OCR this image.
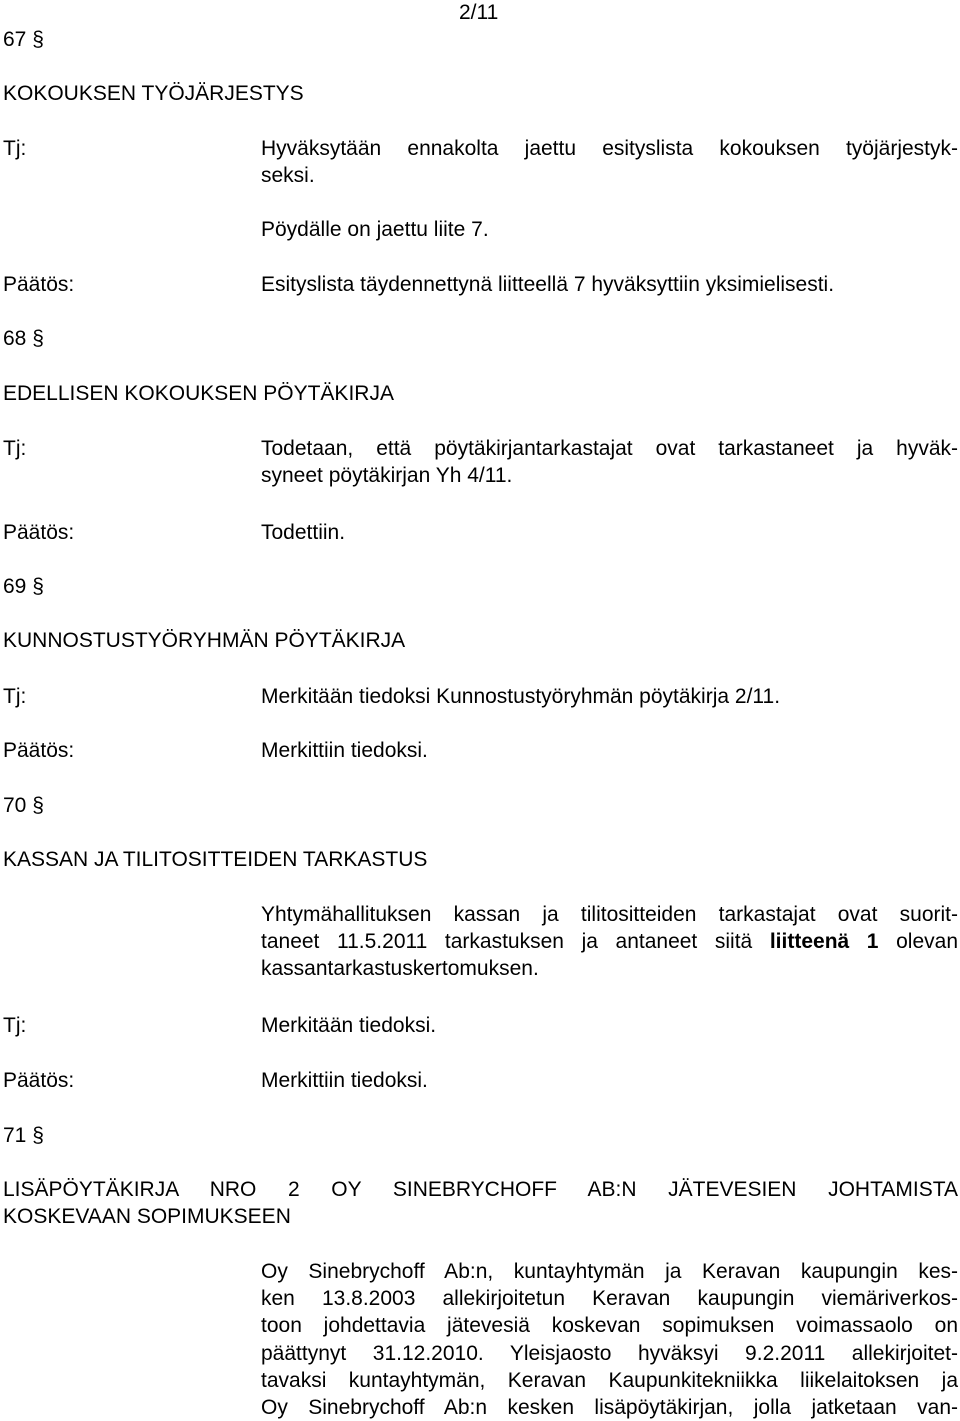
2/11
67 §
KOKOUKSEN TYÖJÄRJESTYS
Tj:	Hyväksytään ennakolta jaettu esityslista kokouksen työjärjestyk-
seksi.
Pöydälle on jaettu liite 7.
Päätös:	Esityslista täydennettynä liitteellä 7 hyväksyttiin yksimielisesti.
68 §
EDELLISEN KOKOUKSEN PÖYTÄKIRJA
Tj:	Todetaan, että pöytäkirjantarkastajat ovat tarkastaneet ja hyväk-
syneet pöytäkirjan Yh 4/11.
Päätös:	Todettiin.
69 §
KUNNOSTUSTYÖRYHMÄN PÖYTÄKIRJA
Tj:	Merkitään tiedoksi Kunnostustyöryhmän pöytäkirja 2/11.
Päätös:	Merkittiin tiedoksi.
70 §
KASSAN JA TILITOSITTEIDEN TARKASTUS
Yhtymähallituksen kassan ja tilitositteiden tarkastajat ovat suorit-
taneet 11.5.2011 tarkastuksen ja antaneet siitä liitteenä 1 olevan
kassantarkastuskertomuksen.
Tj:	Merkitään tiedoksi.
Päätös:	Merkittiin tiedoksi.
71 §
LISÄPÖYTÄKIRJA NRO 2 OY SINEBRYCHOFF AB:N JÄTEVESIEN JOHTAMISTA
KOSKEVAAN SOPIMUKSEEN
Oy Sinebrychoff Ab:n, kuntayhtymän ja Keravan kaupungin kes-
ken 13.8.2003 allekirjoitetun Keravan kaupungin viemäriverkos-
toon johdettavia jätevesiä koskevan sopimuksen voimassaolo on
päättynyt 31.12.2010. Yleisjaosto hyväksyi 9.2.2011 allekirjoitet-
tavaksi kuntayhtymän, Keravan Kaupunkitekniikka liikelaitoksen ja
Oy Sinebrychoff Ab:n kesken lisäpöytäkirjan, jolla jatketaan van-
